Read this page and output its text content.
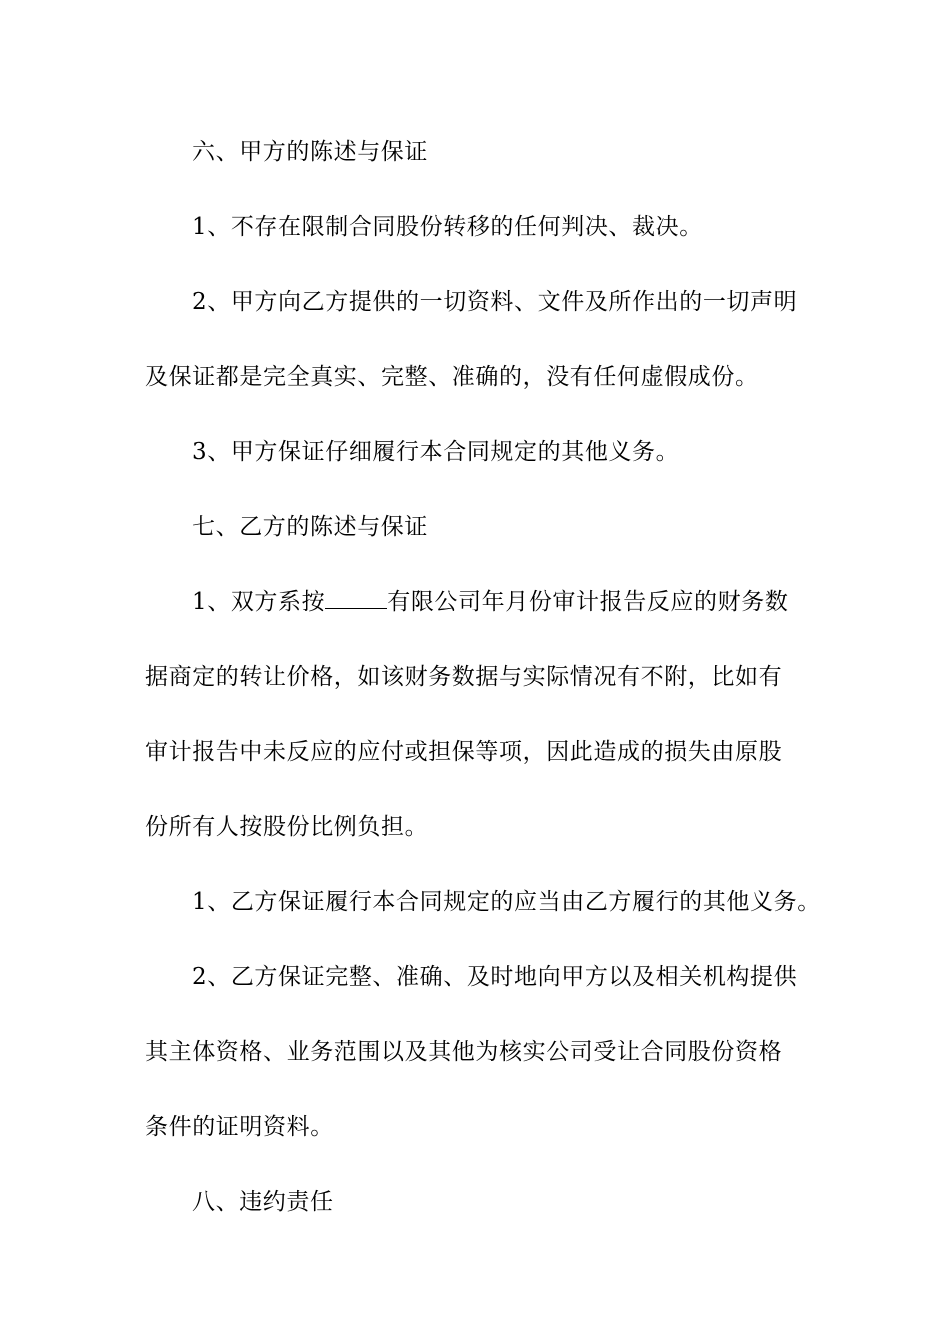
六、甲方的陈述与保证
1、不存在限制合同股份转移的任何判决、裁决。
2、甲方向乙方提供的一切资料、文件及所作出的一切声明
及保证都是完全真实、完整、准确的，没有任何虚假成份。
3、甲方保证仔细履行本合同规定的其他义务。
七、乙方的陈述与保证
1、双方系按	有限公司年月份审计报告反应的财务数
据商定的转让价格，如该财务数据与实际情况有不附，比如有
审计报告中未反应的应付或担保等项，因此造成的损失由原股
份所有人按股份比例负担。
1、乙方保证履行本合同规定的应当由乙方履行的其他义务。
2、乙方保证完整、准确、及时地向甲方以及相关机构提供
其主体资格、业务范围以及其他为核实公司受让合同股份资格
条件的证明资料。
八、违约责任
